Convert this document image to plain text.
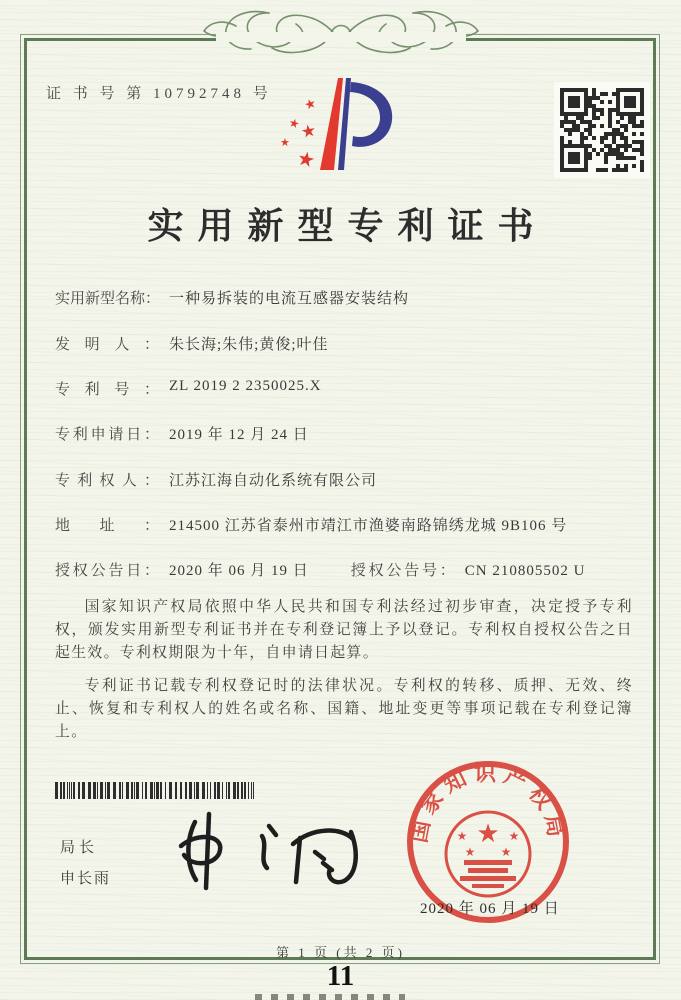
证 书 号 第 10792748 号
★
★
★
★
★
实用新型专利证书
实用新型名称： 一种易拆装的电流互感器安装结构
发明人： 朱长海;朱伟;黄俊;叶佳
专利号： ZL 2019 2 2350025.X
专利申请日： 2019 年 12 月 24 日
专利权人： 江苏江海自动化系统有限公司
地址： 214500 江苏省泰州市靖江市渔婆南路锦绣龙城 9B106 号
授权公告日： 2020 年 06 月 19 日	授权公告号： CN 210805502 U

国家知识产权局依照中华人民共和国专利法经过初步审查，决定授予专利权，颁发实用新型专利证书并在专利登记簿上予以登记。专利权自授权公告之日起生效。专利权期限为十年，自申请日起算。

专利证书记载专利权登记时的法律状况。专利权的转移、质押、无效、终止、恢复和专利权人的姓名或名称、国籍、地址变更等事项记载在专利登记簿上。

局长
申长雨
国家知识产权局
★
★	★
★ ★
2020 年 06 月 19 日
第 1 页 (共 2 页)
11
